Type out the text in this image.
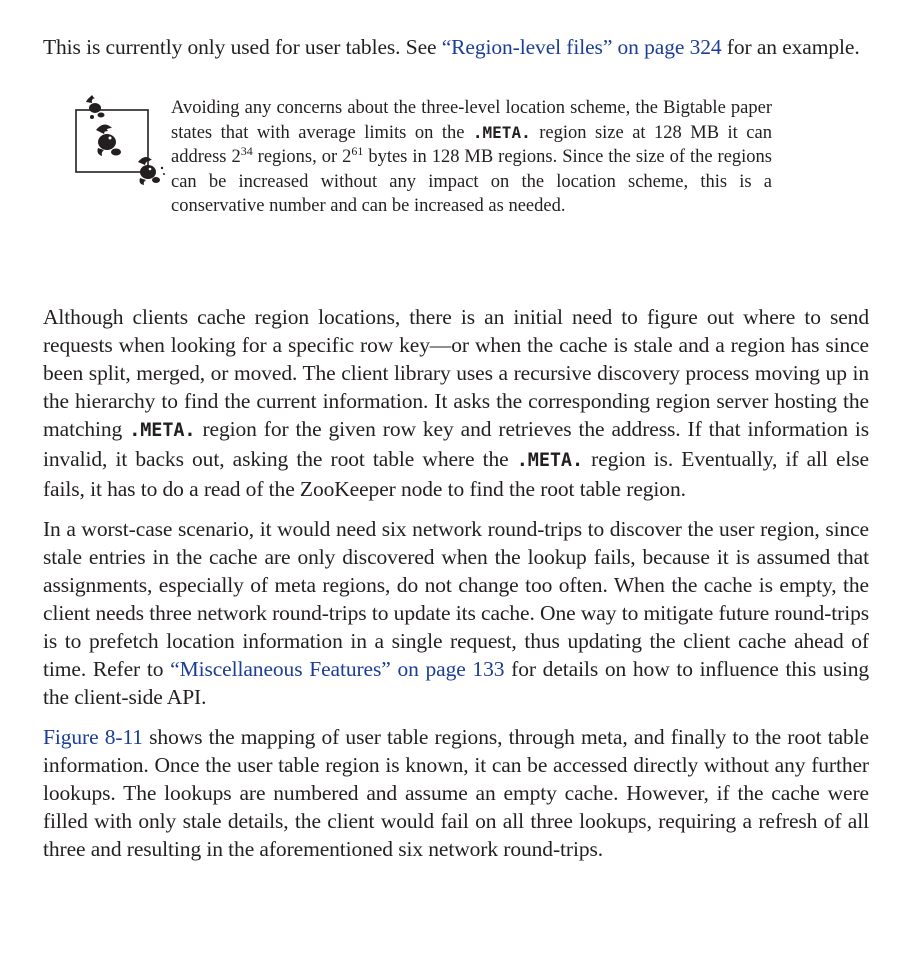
This is currently only used for user tables. See “Region-level files” on page 324 for an example.

Avoiding any concerns about the three-level location scheme, the Bigtable paper states that with average limits on the .META. region size at 128 MB it can address $2^{34}$ regions, or $2^{61}$ bytes in 128 MB regions. Since the size of the regions can be increased without any impact on the location scheme, this is a conservative number and can be increased as needed.

Although clients cache region locations, there is an initial need to figure out where to send requests when looking for a specific row key—or when the cache is stale and a region has since been split, merged, or moved. The client library uses a recursive discovery process moving up in the hierarchy to find the current information. It asks the corresponding region server hosting the matching .META. region for the given row key and retrieves the address. If that information is invalid, it backs out, asking the root table where the .META. region is. Eventually, if all else fails, it has to do a read of the ZooKeeper node to find the root table region.

In a worst-case scenario, it would need six network round-trips to discover the user region, since stale entries in the cache are only discovered when the lookup fails, because it is assumed that assignments, especially of meta regions, do not change too often. When the cache is empty, the client needs three network round-trips to update its cache. One way to mitigate future round-trips is to prefetch location information in a single request, thus updating the client cache ahead of time. Refer to “Miscellaneous Features” on page 133 for details on how to influence this using the client-side API.

Figure 8-11 shows the mapping of user table regions, through meta, and finally to the root table information. Once the user table region is known, it can be accessed directly without any further lookups. The lookups are numbered and assume an empty cache. However, if the cache were filled with only stale details, the client would fail on all three lookups, requiring a refresh of all three and resulting in the aforementioned six network round-trips.
